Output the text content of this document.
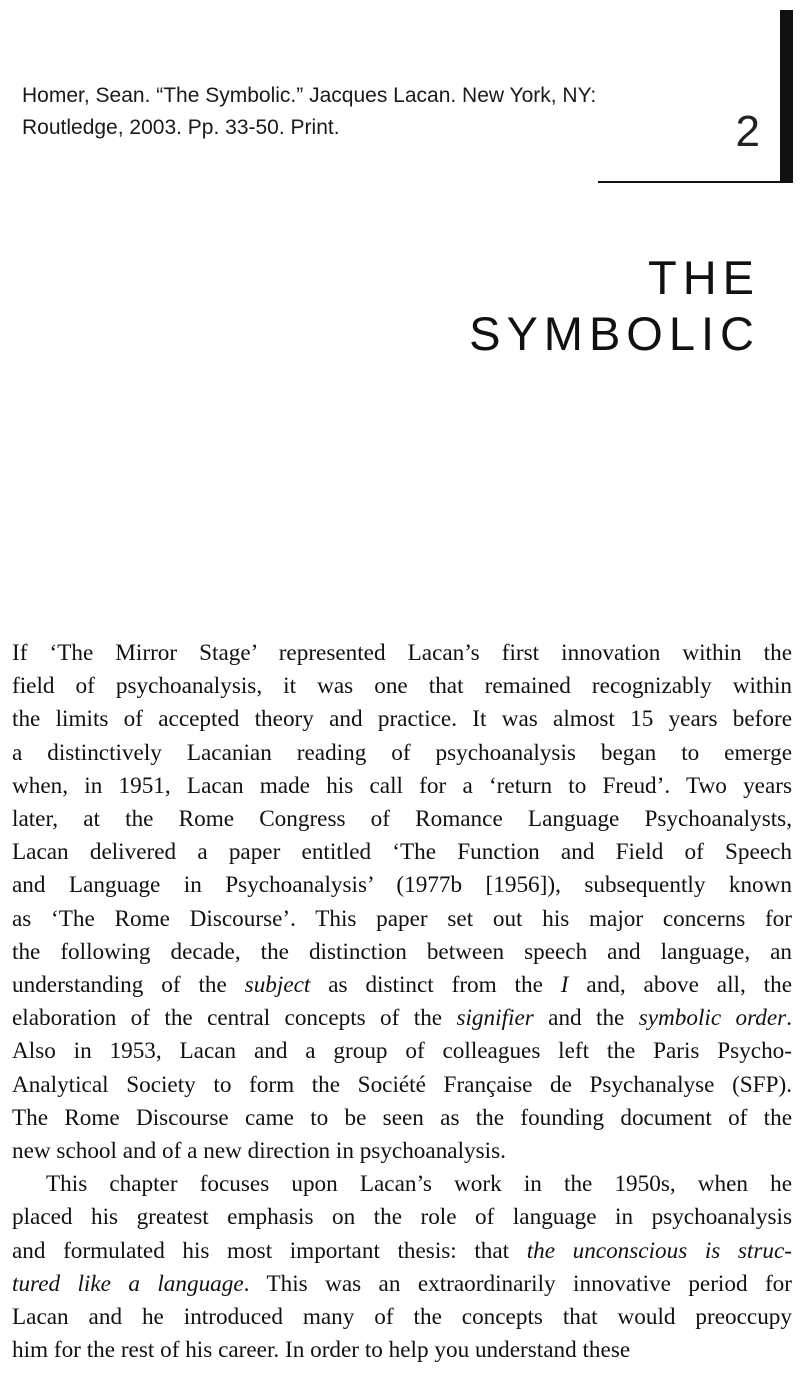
Homer, Sean. “The Symbolic.” Jacques Lacan. New York, NY:
Routledge, 2003. Pp. 33-50. Print.	2
THE
SYMBOLIC

If ‘The Mirror Stage’ represented Lacan’s first innovation within the
field of psychoanalysis, it was one that remained recognizably within
the limits of accepted theory and practice. It was almost 15 years before
a distinctively Lacanian reading of psychoanalysis began to emerge
when, in 1951, Lacan made his call for a ‘return to Freud’. Two years
later, at the Rome Congress of Romance Language Psychoanalysts,
Lacan delivered a paper entitled ‘The Function and Field of Speech
and Language in Psychoanalysis’ (1977b [1956]), subsequently known
as ‘The Rome Discourse’. This paper set out his major concerns for
the following decade, the distinction between speech and language, an
understanding of the subject as distinct from the I and, above all, the
elaboration of the central concepts of the signifier and the symbolic order.
Also in 1953, Lacan and a group of colleagues left the Paris Psycho-
Analytical Society to form the Société Française de Psychanalyse (SFP).
The Rome Discourse came to be seen as the founding document of the
new school and of a new direction in psychoanalysis.

This chapter focuses upon Lacan’s work in the 1950s, when he
placed his greatest emphasis on the role of language in psychoanalysis
and formulated his most important thesis: that the unconscious is struc-
tured like a language. This was an extraordinarily innovative period for
Lacan and he introduced many of the concepts that would preoccupy
him for the rest of his career. In order to help you understand these
